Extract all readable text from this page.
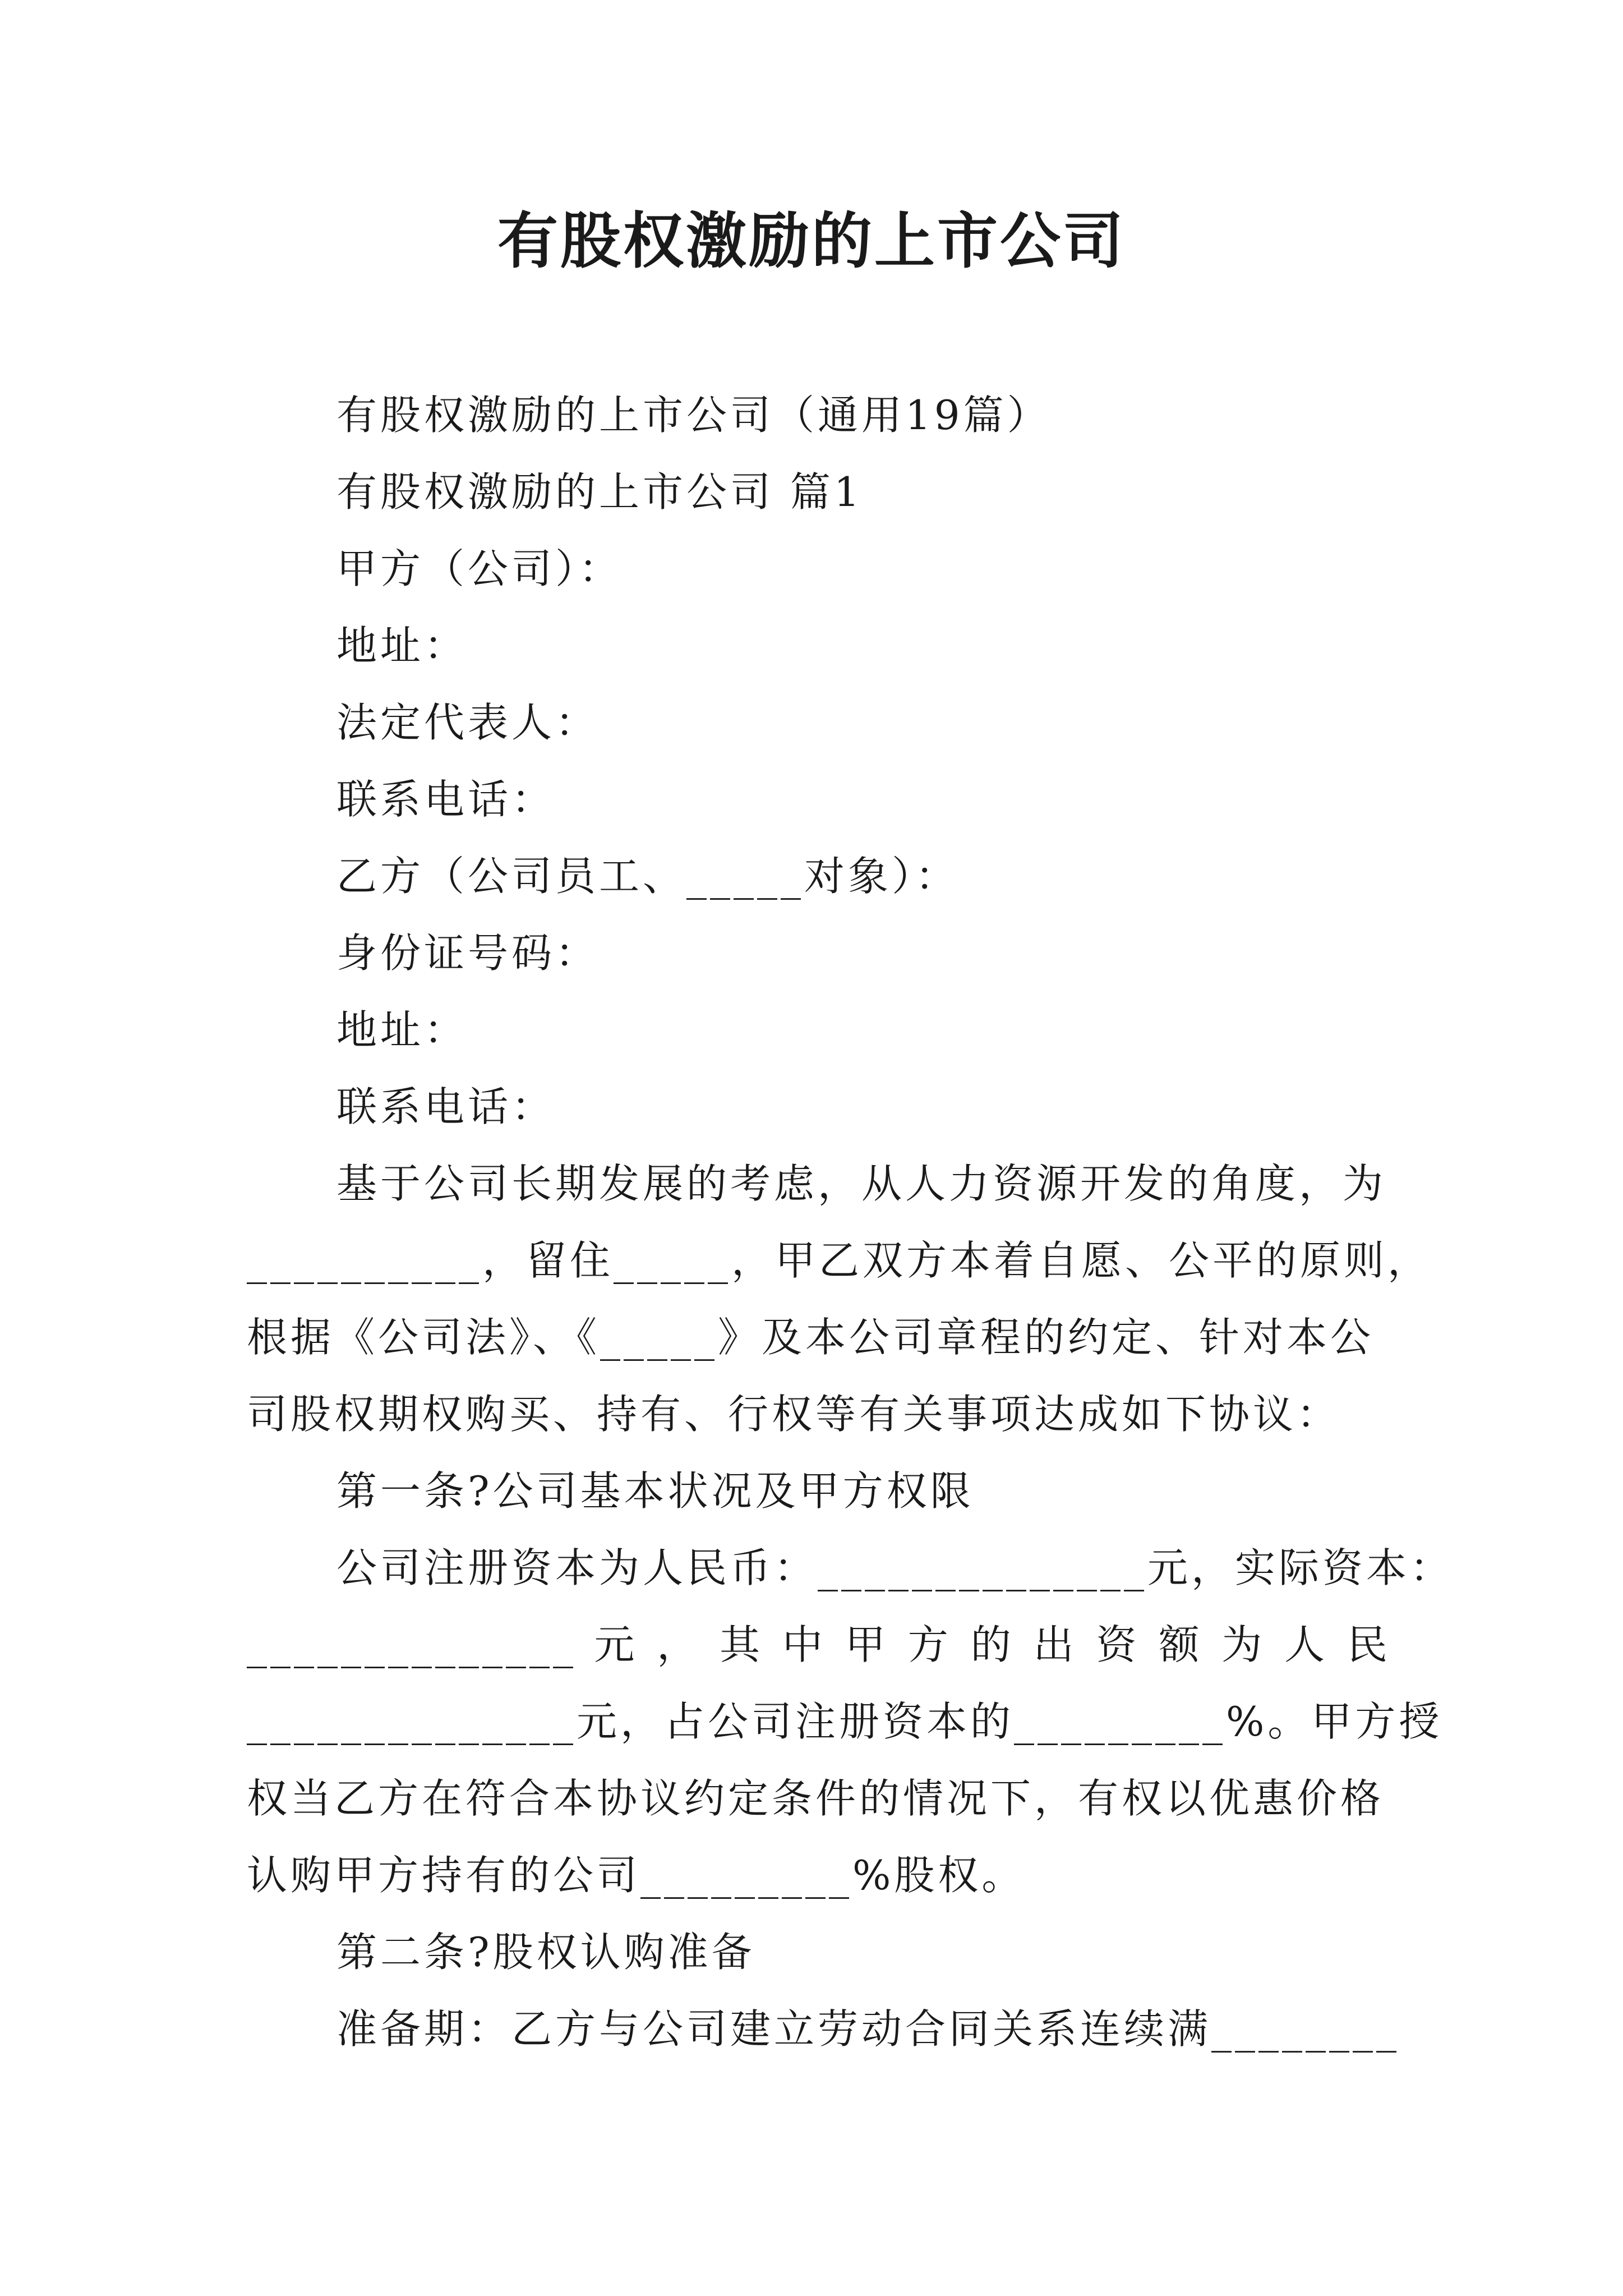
有股权激励的上市公司

有股权激励的上市公司（通用19篇）

有股权激励的上市公司 篇1

甲方（公司）：

地址：

法定代表人：

联系电话：

乙方（公司员工、_____对象）：

身份证号码：

地址：

联系电话：

基于公司长期发展的考虑，从人力资源开发的角度，为

__________，留住_____，甲乙双方本着自愿、公平的原则，

根据《公司法》、《_____》及本公司章程的约定、针对本公

司股权期权购买、持有、行权等有关事项达成如下协议：

第一条?公司基本状况及甲方权限

公司注册资本为人民币：______________元，实际资本：

______________ 元 ， 其 中 甲 方 的 出 资 额 为 人 民

______________元，占公司注册资本的_________%。甲方授

权当乙方在符合本协议约定条件的情况下，有权以优惠价格

认购甲方持有的公司_________%股权。

第二条?股权认购准备

准备期：乙方与公司建立劳动合同关系连续满________
